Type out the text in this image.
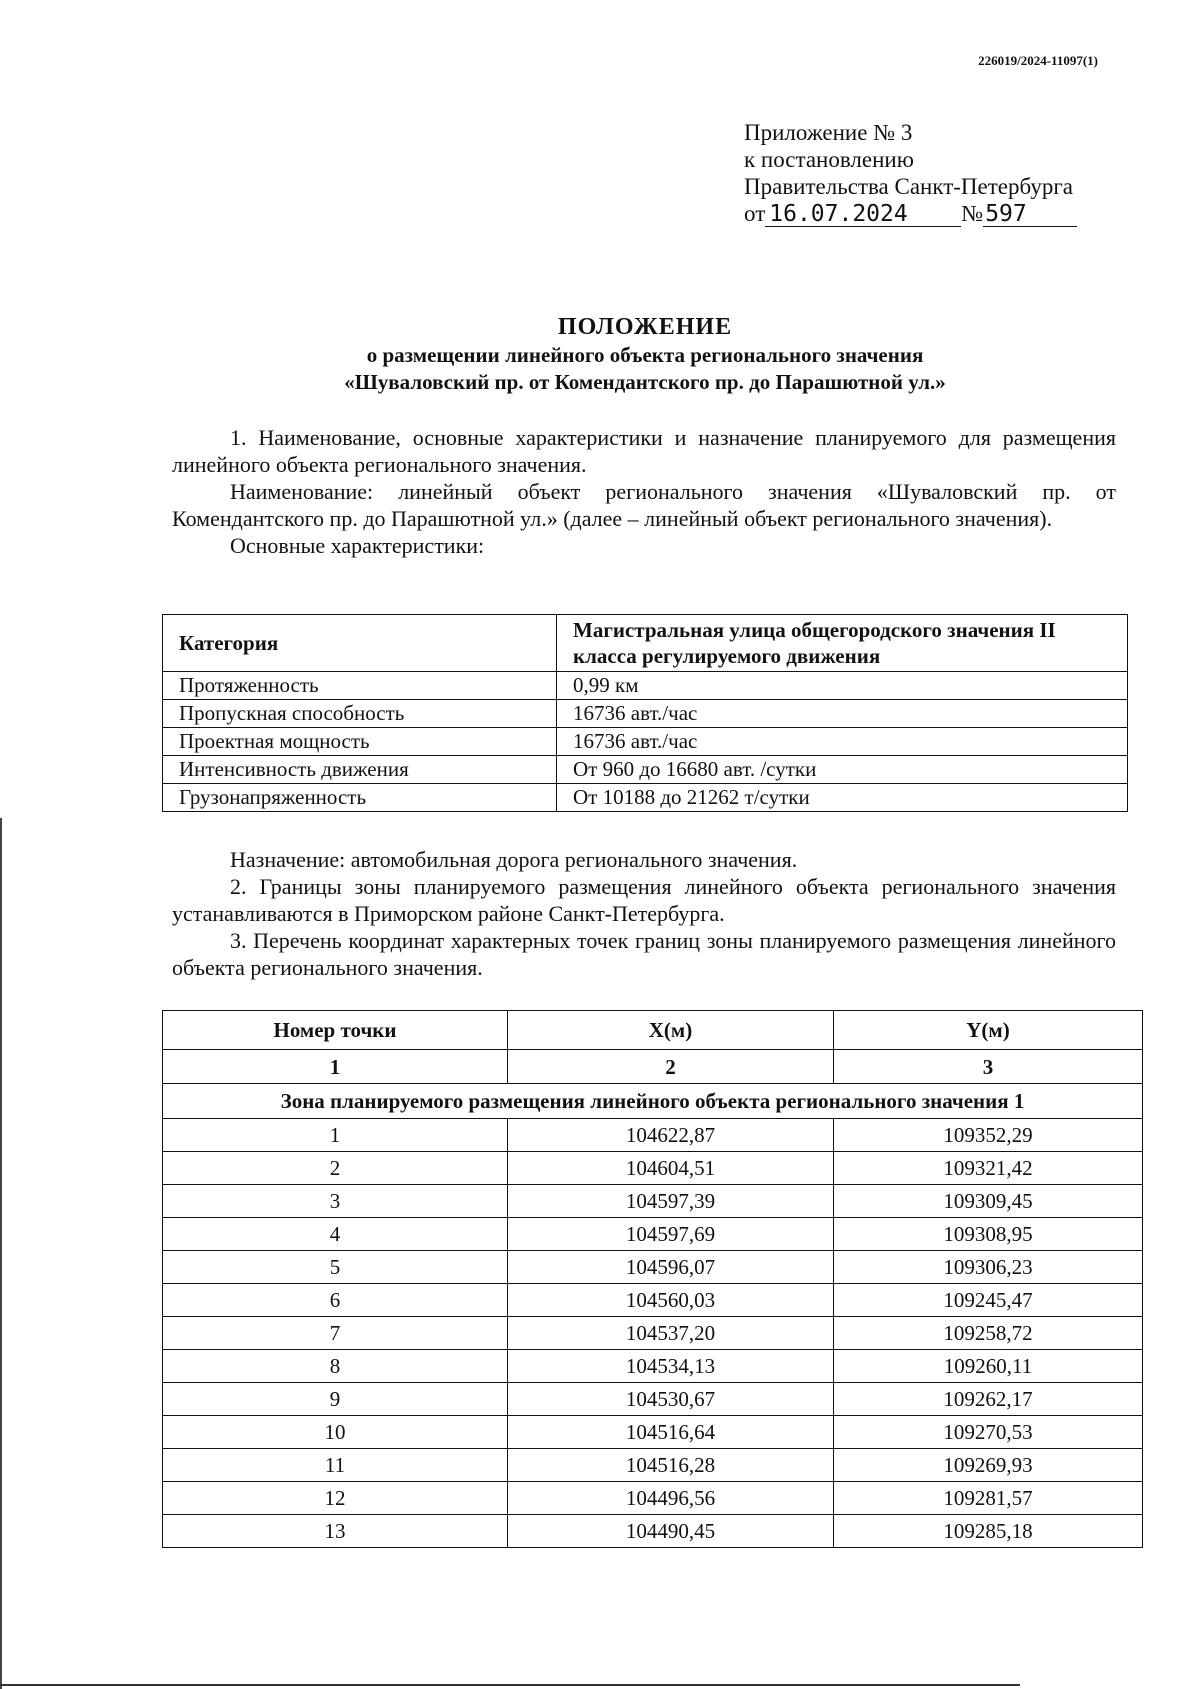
226019/2024-11097(1)
Приложение № 3
к постановлению
Правительства Санкт-Петербурга
от 16.07.2024 №597
ПОЛОЖЕНИЕ
о размещении линейного объекта регионального значения
«Шуваловский пр. от Комендантского пр. до Парашютной ул.»

1. Наименование, основные характеристики и назначение планируемого для размещения линейного объекта регионального значения.

Наименование: линейный объект регионального значения «Шуваловский пр. от Комендантского пр. до Парашютной ул.» (далее – линейный объект регионального значения).

Основные характеристики:

Категория	Магистральная улица общегородского значения II класса регулируемого движения
Протяженность	0,99 км
Пропускная способность	16736 авт./час
Проектная мощность	16736 авт./час
Интенсивность движения	От 960 до 16680 авт. /сутки
Грузонапряженность	От 10188 до 21262 т/сутки

Назначение: автомобильная дорога регионального значения.

2. Границы зоны планируемого размещения линейного объекта регионального значения устанавливаются в Приморском районе Санкт-Петербурга.

3. Перечень координат характерных точек границ зоны планируемого размещения линейного объекта регионального значения.

Номер точки	X(м)	Y(м)
1	2	3
Зона планируемого размещения линейного объекта регионального значения 1		
1	104622,87	109352,29
2	104604,51	109321,42
3	104597,39	109309,45
4	104597,69	109308,95
5	104596,07	109306,23
6	104560,03	109245,47
7	104537,20	109258,72
8	104534,13	109260,11
9	104530,67	109262,17
10	104516,64	109270,53
11	104516,28	109269,93
12	104496,56	109281,57
13	104490,45	109285,18
